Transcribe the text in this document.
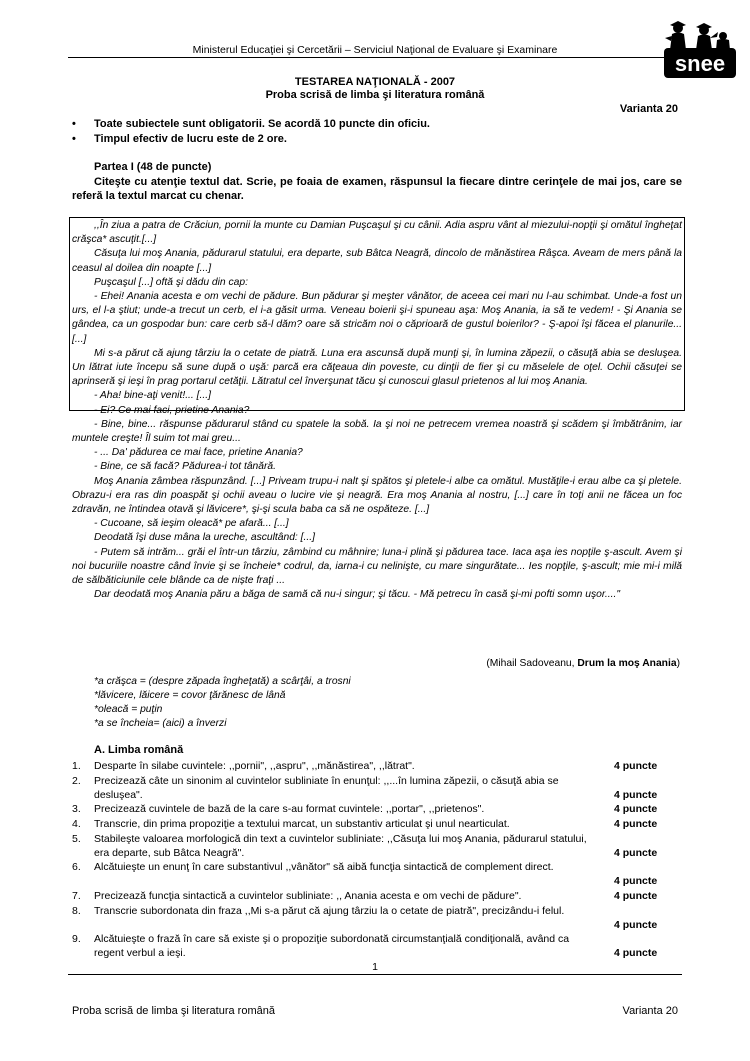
Ministerul Educaţiei şi Cercetării – Serviciul Naţional de Evaluare şi Examinare
snee
TESTAREA NAŢIONALĂ - 2007
Proba scrisă de limba şi literatura română
Varianta 20
• Toate subiectele sunt obligatorii. Se acordă 10 puncte din oficiu.
• Timpul efectiv de lucru este de 2 ore.
Partea I (48 de puncte)
Citeşte cu atenţie textul dat. Scrie, pe foaia de examen, răspunsul la fiecare dintre cerinţele de mai jos, care se referă la textul marcat cu chenar.

,,În ziua a patra de Crăciun, pornii la munte cu Damian Puşcaşul şi cu cânii. Adia aspru vânt al miezului-nopţii şi omătul îngheţat crăşca* ascuţit.[...]

Căsuţa lui moş Anania, pădurarul statului, era departe, sub Bâtca Neagră, dincolo de mănăstirea Râşca. Aveam de mers până la ceasul al doilea din noapte [...]

Puşcaşul [...] oftă şi dădu din cap:

- Ehei! Anania acesta e om vechi de pădure. Bun pădurar şi meşter vânător, de aceea cei mari nu l-au schimbat. Unde-a fost un urs, el l-a ştiut; unde-a trecut un cerb, el i-a găsit urma. Veneau boierii şi-i spuneau aşa: Moş Anania, ia să te vedem! - Şi Anania se gândea, ca un gospodar bun: care cerb să-l dăm? oare să stricăm noi o căprioară de gustul boierilor? - Ş-apoi îşi făcea el planurile... [...]

Mi s-a părut că ajung târziu la o cetate de piatră. Luna era ascunsă după munţi şi, în lumina zăpezii, o căsuţă abia se desluşea. Un lătrat iute începu să sune după o uşă: parcă era căţeaua din poveste, cu dinţii de fier şi cu măselele de oţel. Ochii căsuţei se aprinseră şi ieşi în prag portarul cetăţii. Lătratul cel înverşunat tăcu şi cunoscui glasul prietenos al lui moş Anania.

- Aha! bine-aţi venit!... [...]

- Ei? Ce mai faci, prietine Anania?

- Bine, bine... răspunse pădurarul stând cu spatele la sobă. Ia şi noi ne petrecem vremea noastră şi scădem şi îmbătrânim, iar muntele creşte! Îl suim tot mai greu...

- ... Da' pădurea ce mai face, prietine Anania?

- Bine, ce să facă? Pădurea-i tot tânără.

Moş Anania zâmbea răspunzând. [...] Priveam trupu-i nalt şi spătos şi pletele-i albe ca omătul. Mustăţile-i erau albe ca şi pletele. Obrazu-i era ras din poaspăt şi ochii aveau o lucire vie şi neagră. Era moş Anania al nostru, [...] care în toţi anii ne făcea un foc zdravăn, ne întindea otavă şi lăvicere*, şi-şi scula baba ca să ne ospăteze. [...]

- Cucoane, să ieşim oleacă* pe afară... [...]

Deodată îşi duse mâna la ureche, ascultând: [...]

- Putem să intrăm... grăi el într-un târziu, zâmbind cu mâhnire; luna-i plină şi pădurea tace. Iaca aşa ies nopţile ş-ascult. Avem şi noi bucuriile noastre când învie şi se încheie* codrul, da, iarna-i cu nelinişte, cu mare singurătate... Ies nopţile, ş-ascult; mie mi-i milă de sălbăticiunile cele blânde ca de niște fraţi ...

Dar deodată moş Anania păru a băga de samă că nu-i singur; şi tăcu. - Mă petrecu în casă şi-mi pofti somn uşor...."

(Mihail Sadoveanu, Drum la moş Anania)
*a crăşca = (despre zăpada îngheţată) a scârţâi, a trosni
*lăvicere, lăicere = covor ţărănesc de lână
*oleacă = puţin
*a se încheia= (aici) a înverzi
A. Limba română
1. Desparte în silabe cuvintele: ,,pornii", ,,aspru", ,,mănăstirea", ,,lătrat".	4 puncte
2. Precizează câte un sinonim al cuvintelor subliniate în enunţul: ,,...în lumina zăpezii, o căsuţă abia se desluşea".	4 puncte
3. Precizează cuvintele de bază de la care s-au format cuvintele: ,,portar", ,,prietenos".	4 puncte
4. Transcrie, din prima propoziţie a textului marcat, un substantiv articulat şi unul nearticulat.	4 puncte
5. Stabileşte valoarea morfologică din text a cuvintelor subliniate: ,,Căsuţa lui moş Anania, pădurarul statului, era departe, sub Bâtca Neagră".	4 puncte
6. Alcătuieşte un enunţ în care substantivul ,,vânător" să aibă funcţia sintactică de complement direct.
4 puncte
7. Precizează funcţia sintactică a cuvintelor subliniate: ,, Anania acesta e om vechi de pădure".	4 puncte
8. Transcrie subordonata din fraza ,,Mi s-a părut că ajung târziu la o cetate de piatră", precizându-i felul.
4 puncte
9. Alcătuieşte o frază în care să existe şi o propoziţie subordonată circumstanţială condiţională, având ca regent verbul a ieşi.	4 puncte
1
Proba scrisă de limba şi literatura română	Varianta 20
